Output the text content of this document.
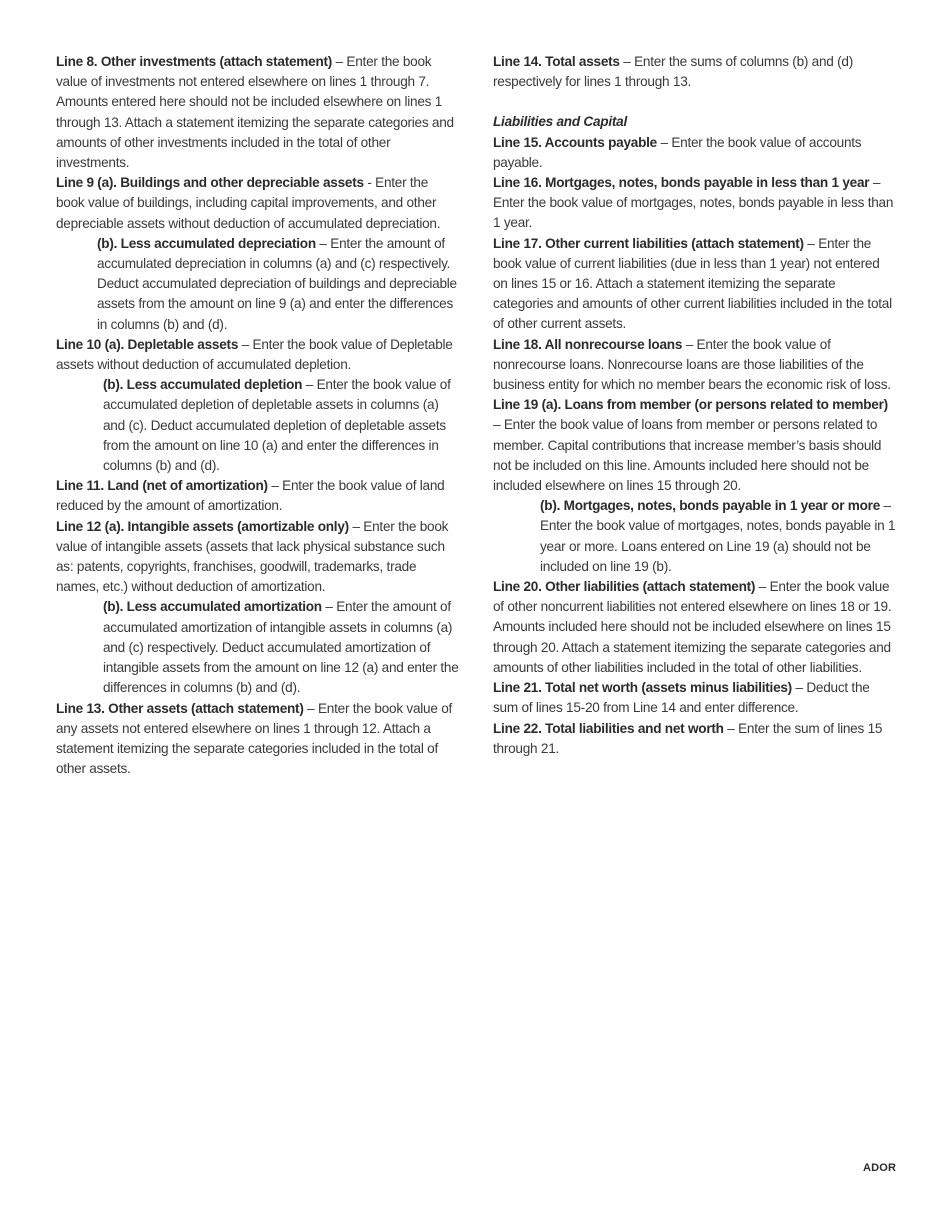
Line 8. Other investments (attach statement) – Enter the book value of investments not entered elsewhere on lines 1 through 7. Amounts entered here should not be included elsewhere on lines 1 through 13. Attach a statement itemizing the separate categories and amounts of other investments included in the total of other investments.

Line 9 (a). Buildings and other depreciable assets - Enter the book value of buildings, including capital improvements, and other depreciable assets without deduction of accumulated depreciation.

(b). Less accumulated depreciation – Enter the amount of accumulated depreciation in columns (a) and (c) respectively. Deduct accumulated depreciation of buildings and depreciable assets from the amount on line 9 (a) and enter the differences in columns (b) and (d).

Line 10 (a). Depletable assets – Enter the book value of Depletable assets without deduction of accumulated depletion.

(b). Less accumulated depletion – Enter the book value of accumulated depletion of depletable assets in columns (a) and (c). Deduct accumulated depletion of depletable assets from the amount on line 10 (a) and enter the differences in columns (b) and (d).

Line 11. Land (net of amortization) – Enter the book value of land reduced by the amount of amortization.

Line 12 (a). Intangible assets (amortizable only) – Enter the book value of intangible assets (assets that lack physical substance such as: patents, copyrights, franchises, goodwill, trademarks, trade names, etc.) without deduction of amortization.

(b). Less accumulated amortization – Enter the amount of accumulated amortization of intangible assets in columns (a) and (c) respectively. Deduct accumulated amortization of intangible assets from the amount on line 12 (a) and enter the differences in columns (b) and (d).

Line 13. Other assets (attach statement) – Enter the book value of any assets not entered elsewhere on lines 1 through 12. Attach a statement itemizing the separate categories included in the total of other assets.

Line 14. Total assets – Enter the sums of columns (b) and (d) respectively for lines 1 through 13.

Liabilities and Capital

Line 15. Accounts payable – Enter the book value of accounts payable.

Line 16. Mortgages, notes, bonds payable in less than 1 year – Enter the book value of mortgages, notes, bonds payable in less than 1 year.

Line 17. Other current liabilities (attach statement) – Enter the book value of current liabilities (due in less than 1 year) not entered on lines 15 or 16. Attach a statement itemizing the separate categories and amounts of other current liabilities included in the total of other current assets.

Line 18. All nonrecourse loans – Enter the book value of nonrecourse loans. Nonrecourse loans are those liabilities of the business entity for which no member bears the economic risk of loss.

Line 19 (a). Loans from member (or persons related to member) – Enter the book value of loans from member or persons related to member. Capital contributions that increase member’s basis should not be included on this line. Amounts included here should not be included elsewhere on lines 15 through 20.

(b). Mortgages, notes, bonds payable in 1 year or more – Enter the book value of mortgages, notes, bonds payable in 1 year or more. Loans entered on Line 19 (a) should not be included on line 19 (b).

Line 20. Other liabilities (attach statement) – Enter the book value of other noncurrent liabilities not entered elsewhere on lines 18 or 19. Amounts included here should not be included elsewhere on lines 15 through 20. Attach a statement itemizing the separate categories and amounts of other liabilities included in the total of other liabilities.

Line 21. Total net worth (assets minus liabilities) – Deduct the sum of lines 15-20 from Line 14 and enter difference.

Line 22. Total liabilities and net worth – Enter the sum of lines 15 through 21.

ADOR
